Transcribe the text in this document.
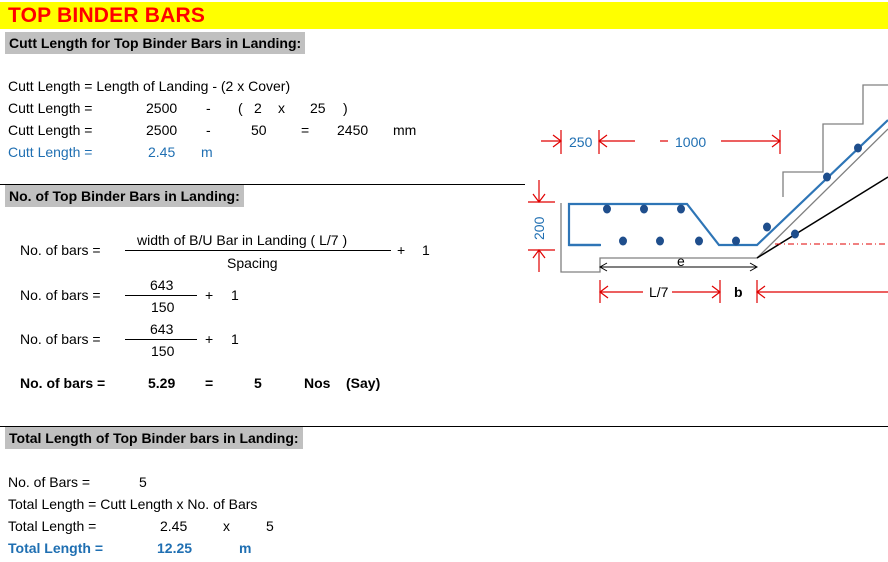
TOP BINDER BARS
Cutt Length for Top Binder Bars in Landing:
Cutt Length = Length of Landing - (2 x Cover)
Cutt Length =	2500 - ( 2 x 25 )
Cutt Length =	2500 -	50 = 2450 mm
Cutt Length =	2.45 m
No. of Top Binder Bars in Landing:
No. of bars =
width of B/U Bar in Landing ( L/7 )
Spacing
+ 1
No. of bars =
643
150
+ 1
No. of bars =
643
150
+ 1
No. of bars =	5.29 =	5	Nos (Say)
Total Length of Top Binder bars in Landing:
No. of Bars =	5
Total Length = Cutt Length x No. of Bars
Total Length =	2.45	x	5
Total Length =	12.25	m
250	1000
200
e
L/7	b
